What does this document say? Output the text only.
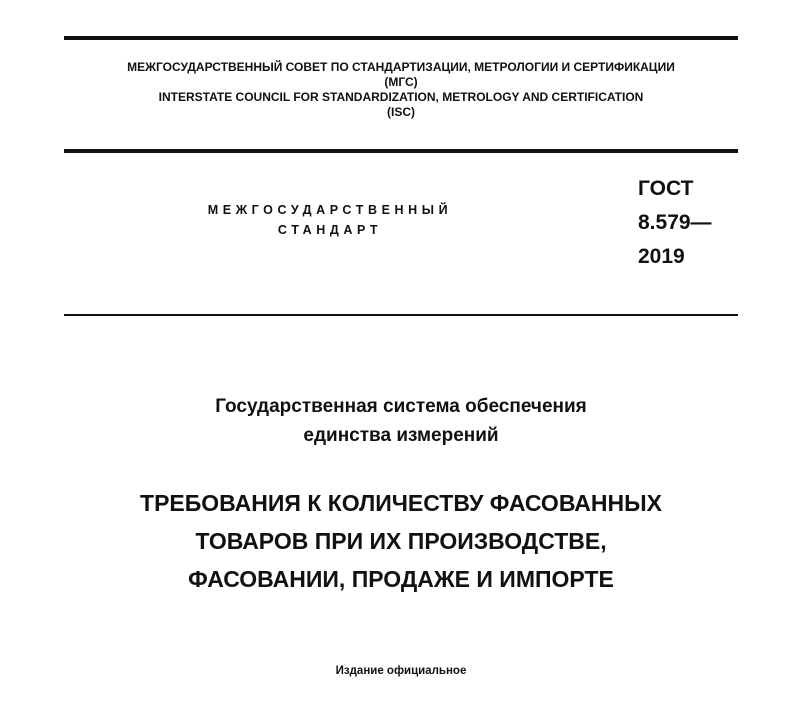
МЕЖГОСУДАРСТВЕННЫЙ СОВЕТ ПО СТАНДАРТИЗАЦИИ, МЕТРОЛОГИИ И СЕРТИФИКАЦИИ
(МГС)
INTERSTATE COUNCIL FOR STANDARDIZATION, METROLOGY AND CERTIFICATION
(ISC)
МЕЖГОСУДАРСТВЕННЫЙ
СТАНДАРТ
ГОСТ
8.579—
2019
Государственная система обеспечения
единства измерений
ТРЕБОВАНИЯ К КОЛИЧЕСТВУ ФАСОВАННЫХ
ТОВАРОВ ПРИ ИХ ПРОИЗВОДСТВЕ,
ФАСОВАНИИ, ПРОДАЖЕ И ИМПОРТЕ
Издание официальное
